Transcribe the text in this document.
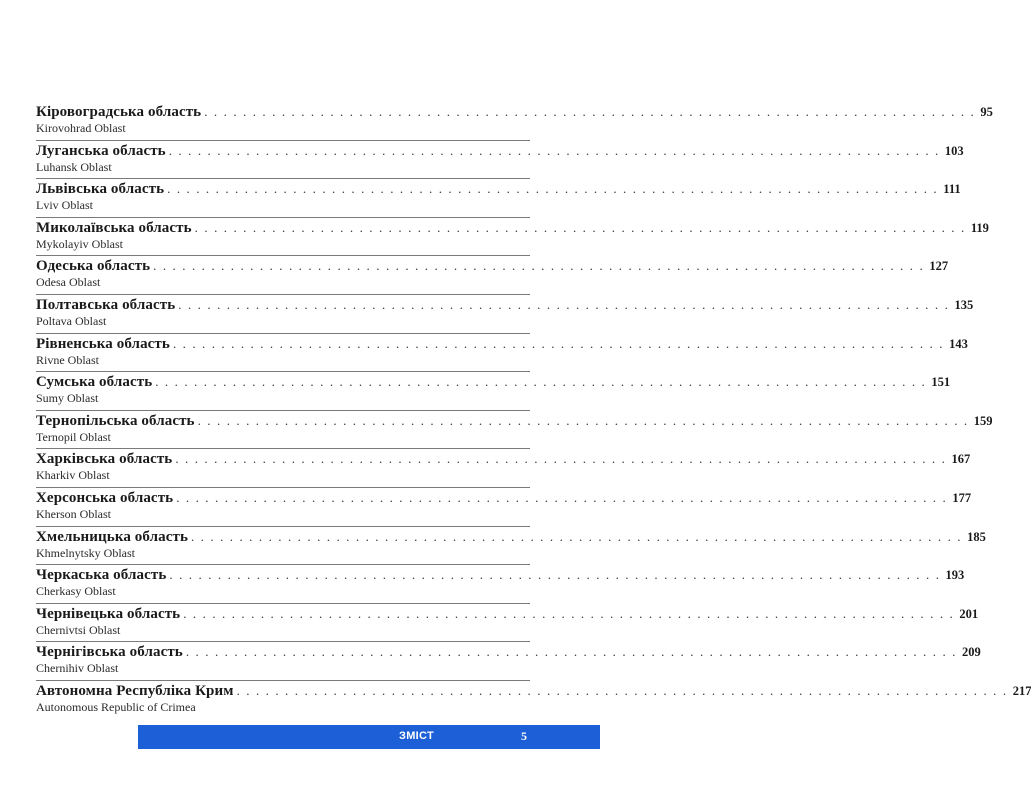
Кіровоградська область . . . . . . . . . . . . . . . . . . . . . . . . . . . . . . . . . . . . . . . . . . . . . . . . . . . . . . . . . . . . . . . . . . . . . . . . . . . . . . . . 95
Kirovohrad Oblast
Луганська область . . . . . . . . . . . . . . . . . . . . . . . . . . . . . . . . . . . . . . . . . . . . . . . . . . . . . . . . . . . . . . . . . . . . . . . . . . . . . . . . 103
Luhansk Oblast
Львівська область . . . . . . . . . . . . . . . . . . . . . . . . . . . . . . . . . . . . . . . . . . . . . . . . . . . . . . . . . . . . . . . . . . . . . . . . . . . . . . . . 111
Lviv Oblast
Миколаївська область . . . . . . . . . . . . . . . . . . . . . . . . . . . . . . . . . . . . . . . . . . . . . . . . . . . . . . . . . . . . . . . . . . . . . . . . . . . . . . . . 119
Mykolayiv Oblast
Одеська область . . . . . . . . . . . . . . . . . . . . . . . . . . . . . . . . . . . . . . . . . . . . . . . . . . . . . . . . . . . . . . . . . . . . . . . . . . . . . . . . 127
Odesa Oblast
Полтавська область . . . . . . . . . . . . . . . . . . . . . . . . . . . . . . . . . . . . . . . . . . . . . . . . . . . . . . . . . . . . . . . . . . . . . . . . . . . . . . . . 135
Poltava Oblast
Рівненська область . . . . . . . . . . . . . . . . . . . . . . . . . . . . . . . . . . . . . . . . . . . . . . . . . . . . . . . . . . . . . . . . . . . . . . . . . . . . . . . . 143
Rivne Oblast
Сумська область . . . . . . . . . . . . . . . . . . . . . . . . . . . . . . . . . . . . . . . . . . . . . . . . . . . . . . . . . . . . . . . . . . . . . . . . . . . . . . . . 151
Sumy Oblast
Тернопільська область . . . . . . . . . . . . . . . . . . . . . . . . . . . . . . . . . . . . . . . . . . . . . . . . . . . . . . . . . . . . . . . . . . . . . . . . . . . . . . . . 159
Ternopil Oblast
Харківська область . . . . . . . . . . . . . . . . . . . . . . . . . . . . . . . . . . . . . . . . . . . . . . . . . . . . . . . . . . . . . . . . . . . . . . . . . . . . . . . . 167
Kharkiv Oblast
Херсонська область . . . . . . . . . . . . . . . . . . . . . . . . . . . . . . . . . . . . . . . . . . . . . . . . . . . . . . . . . . . . . . . . . . . . . . . . . . . . . . . . 177
Kherson Oblast
Хмельницька область . . . . . . . . . . . . . . . . . . . . . . . . . . . . . . . . . . . . . . . . . . . . . . . . . . . . . . . . . . . . . . . . . . . . . . . . . . . . . . . . 185
Khmelnytsky Oblast
Черкаська область . . . . . . . . . . . . . . . . . . . . . . . . . . . . . . . . . . . . . . . . . . . . . . . . . . . . . . . . . . . . . . . . . . . . . . . . . . . . . . . . 193
Cherkasy Oblast
Чернівецька область . . . . . . . . . . . . . . . . . . . . . . . . . . . . . . . . . . . . . . . . . . . . . . . . . . . . . . . . . . . . . . . . . . . . . . . . . . . . . . . . 201
Chernivtsi Oblast
Чернігівська область . . . . . . . . . . . . . . . . . . . . . . . . . . . . . . . . . . . . . . . . . . . . . . . . . . . . . . . . . . . . . . . . . . . . . . . . . . . . . . . . 209
Chernihiv Oblast
Автономна Республіка Крим . . . . . . . . . . . . . . . . . . . . . . . . . . . . . . . . . . . . . . . . . . . . . . . . . . . . . . . . . . . . . . . . . . . . . . . . . . . . . . . . 217
Autonomous Republic of Crimea
ЗМІСТ	5
